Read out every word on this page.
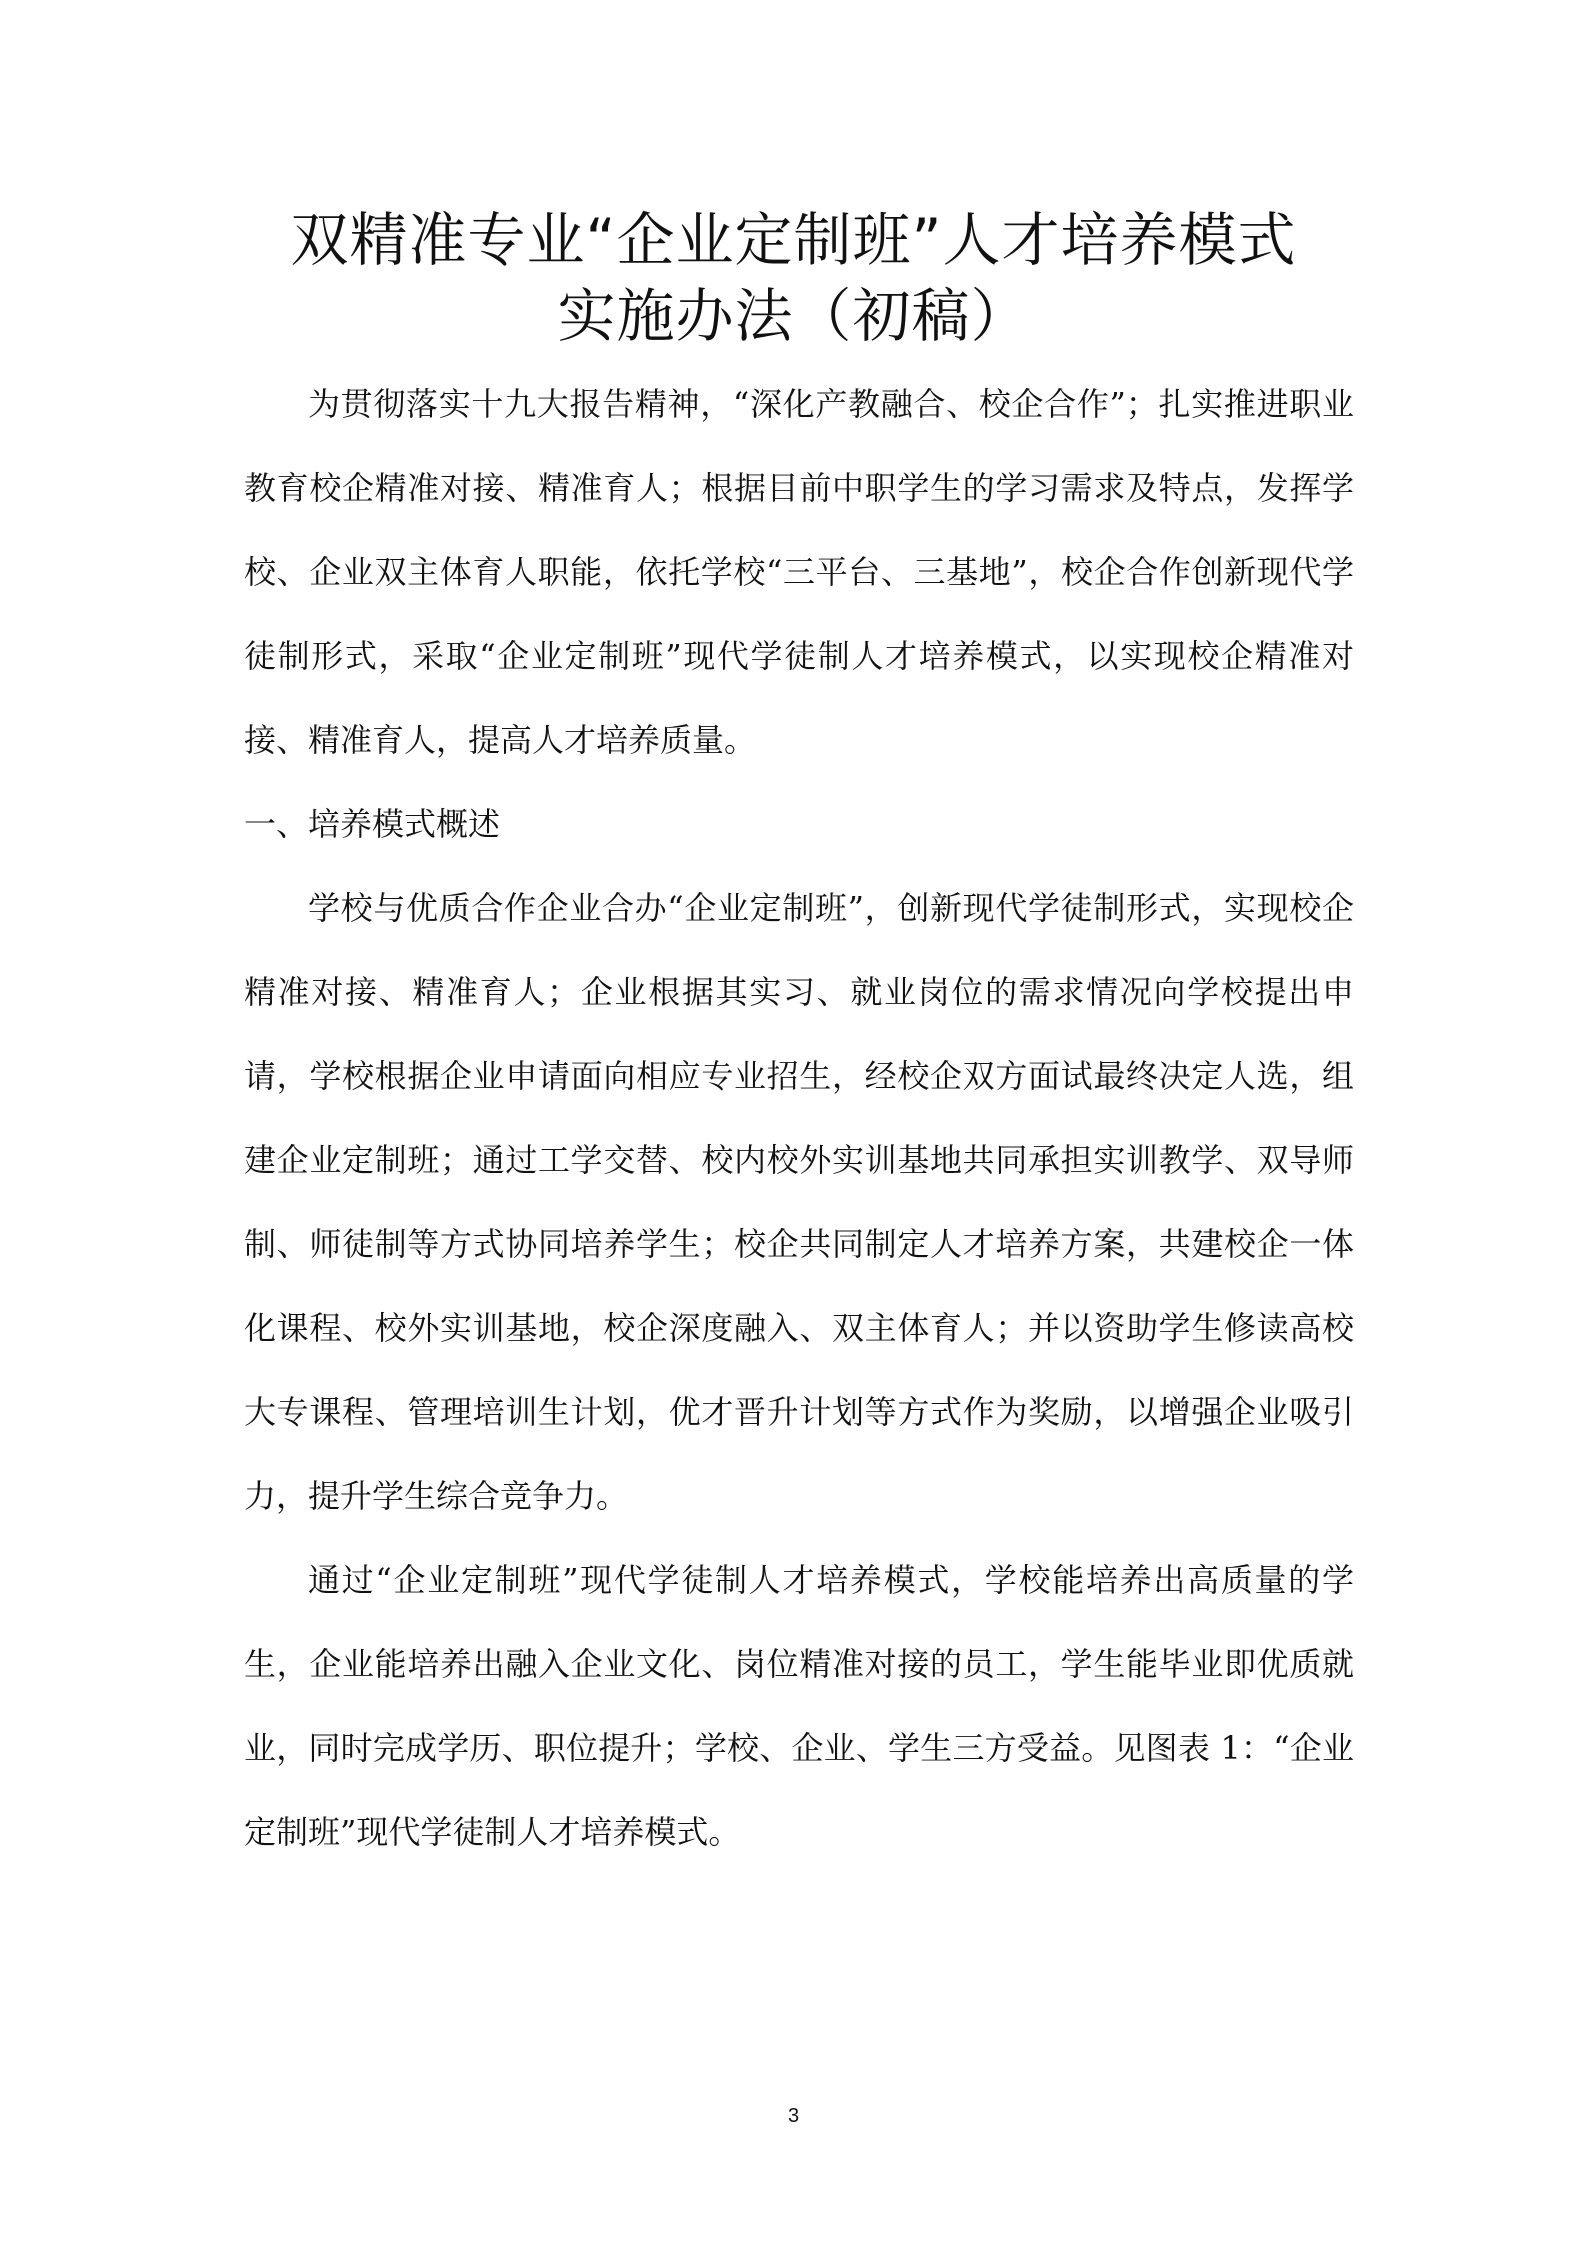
双精准专业“企业定制班”人才培养模式
实施办法（初稿）

为贯彻落实十九大报告精神，“深化产教融合、校企合作”；扎实推进职业教育校企精准对接、精准育人；根据目前中职学生的学习需求及特点，发挥学校、企业双主体育人职能，依托学校“三平台、三基地”，校企合作创新现代学徒制形式，采取“企业定制班”现代学徒制人才培养模式，以实现校企精准对接、精准育人，提高人才培养质量。

一、培养模式概述

学校与优质合作企业合办“企业定制班”，创新现代学徒制形式，实现校企精准对接、精准育人；企业根据其实习、就业岗位的需求情况向学校提出申请，学校根据企业申请面向相应专业招生，经校企双方面试最终决定人选，组建企业定制班；通过工学交替、校内校外实训基地共同承担实训教学、双导师制、师徒制等方式协同培养学生；校企共同制定人才培养方案，共建校企一体化课程、校外实训基地，校企深度融入、双主体育人；并以资助学生修读高校大专课程、管理培训生计划，优才晋升计划等方式作为奖励，以增强企业吸引力，提升学生综合竞争力。

通过“企业定制班”现代学徒制人才培养模式，学校能培养出高质量的学生，企业能培养出融入企业文化、岗位精准对接的员工，学生能毕业即优质就业，同时完成学历、职位提升；学校、企业、学生三方受益。见图表 1：“企业定制班”现代学徒制人才培养模式。

3
